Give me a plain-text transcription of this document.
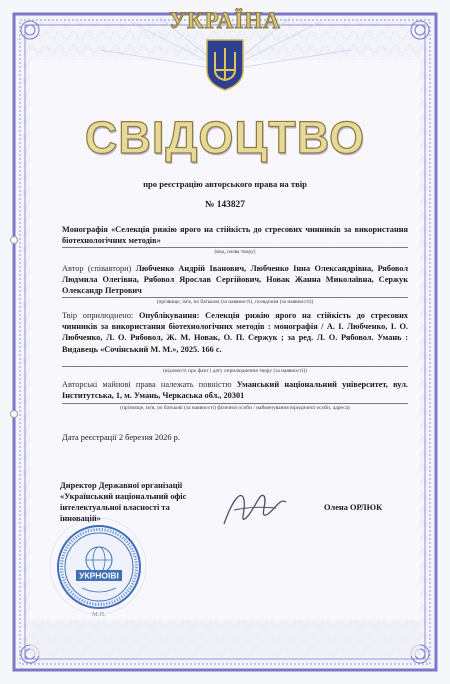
УКРАЇНА
СВІДОЦТВО
про реєстрацію авторського права на твір
№ 143827
Монографія «Селекція рижію ярого на стійкість до стресових чинників за використання біотехнологічних методів»
(вид, назва твору)
Автор (співавтори) Любченко Андрій Іванович, Любченко Інна Олександрівна, Рябовол Людмила Олегівна, Рябовол Ярослав Сергійович, Новак Жанна Миколаївна, Сержук Олександр Петрович
(прізвище, ім'я, по батькові (за наявності), псевдонім (за наявності))
Твір оприлюднено: Опублікування: Селекція рижію ярого на стійкість до стресових чинників за використання біотехнологічних методів : монографія / А. І. Любченко, І. О. Любченко, Л. О. Рябовол, Ж. М. Новак, О. П. Сержук ; за ред. Л. О. Рябовол. Умань : Видавець «Сочінський М. М.», 2025. 166 с.
(відомості про факт і дату оприлюднення твору (за наявності))
Авторські майнові права належать повністю Уманський національний університет, вул. Інститутська, 1, м. Умань, Черкаська обл., 20301
(прізвище, ім'я, по батькові (за наявності) фізичної особи / найменування юридичної особи, адреса)
Дата реєстрації 2 березня 2026 р.
Директор Державної організації «Український національний офіс інтелектуальної власності та інновацій»
Олена ОРЛЮК
УКРНОІВІ
М.П.
